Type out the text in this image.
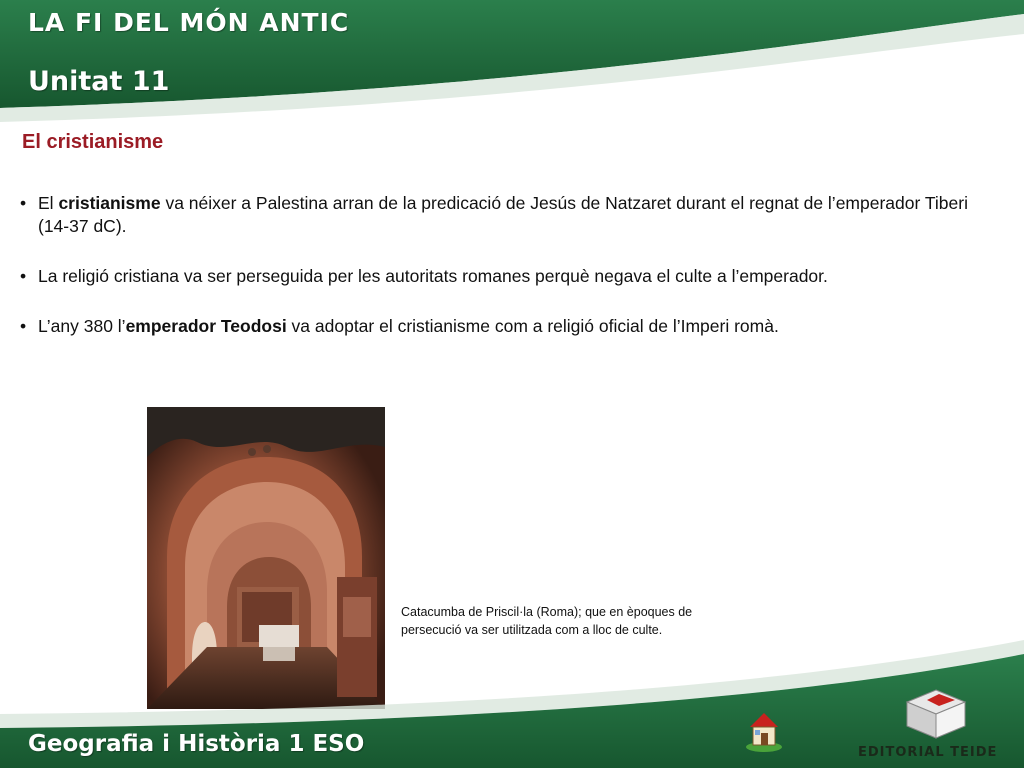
LA FI DEL MÓN ANTIC
Unitat 11
El cristianisme
• El cristianisme va néixer a Palestina arran de la predicació de Jesús de Natzaret durant el regnat de l’emperador Tiberi (14-37 dC).
• La religió cristiana va ser perseguida per les autoritats romanes perquè negava el culte a l’emperador.
• L’any 380 l’emperador Teodosi va adoptar el cristianisme com a religió oficial de l’Imperi romà.

Catacumba de Priscil·la (Roma); que en èpoques de persecució va ser utilitzada com a lloc de culte.

Geografia i Història 1 ESO	EDITORIAL TEIDE
